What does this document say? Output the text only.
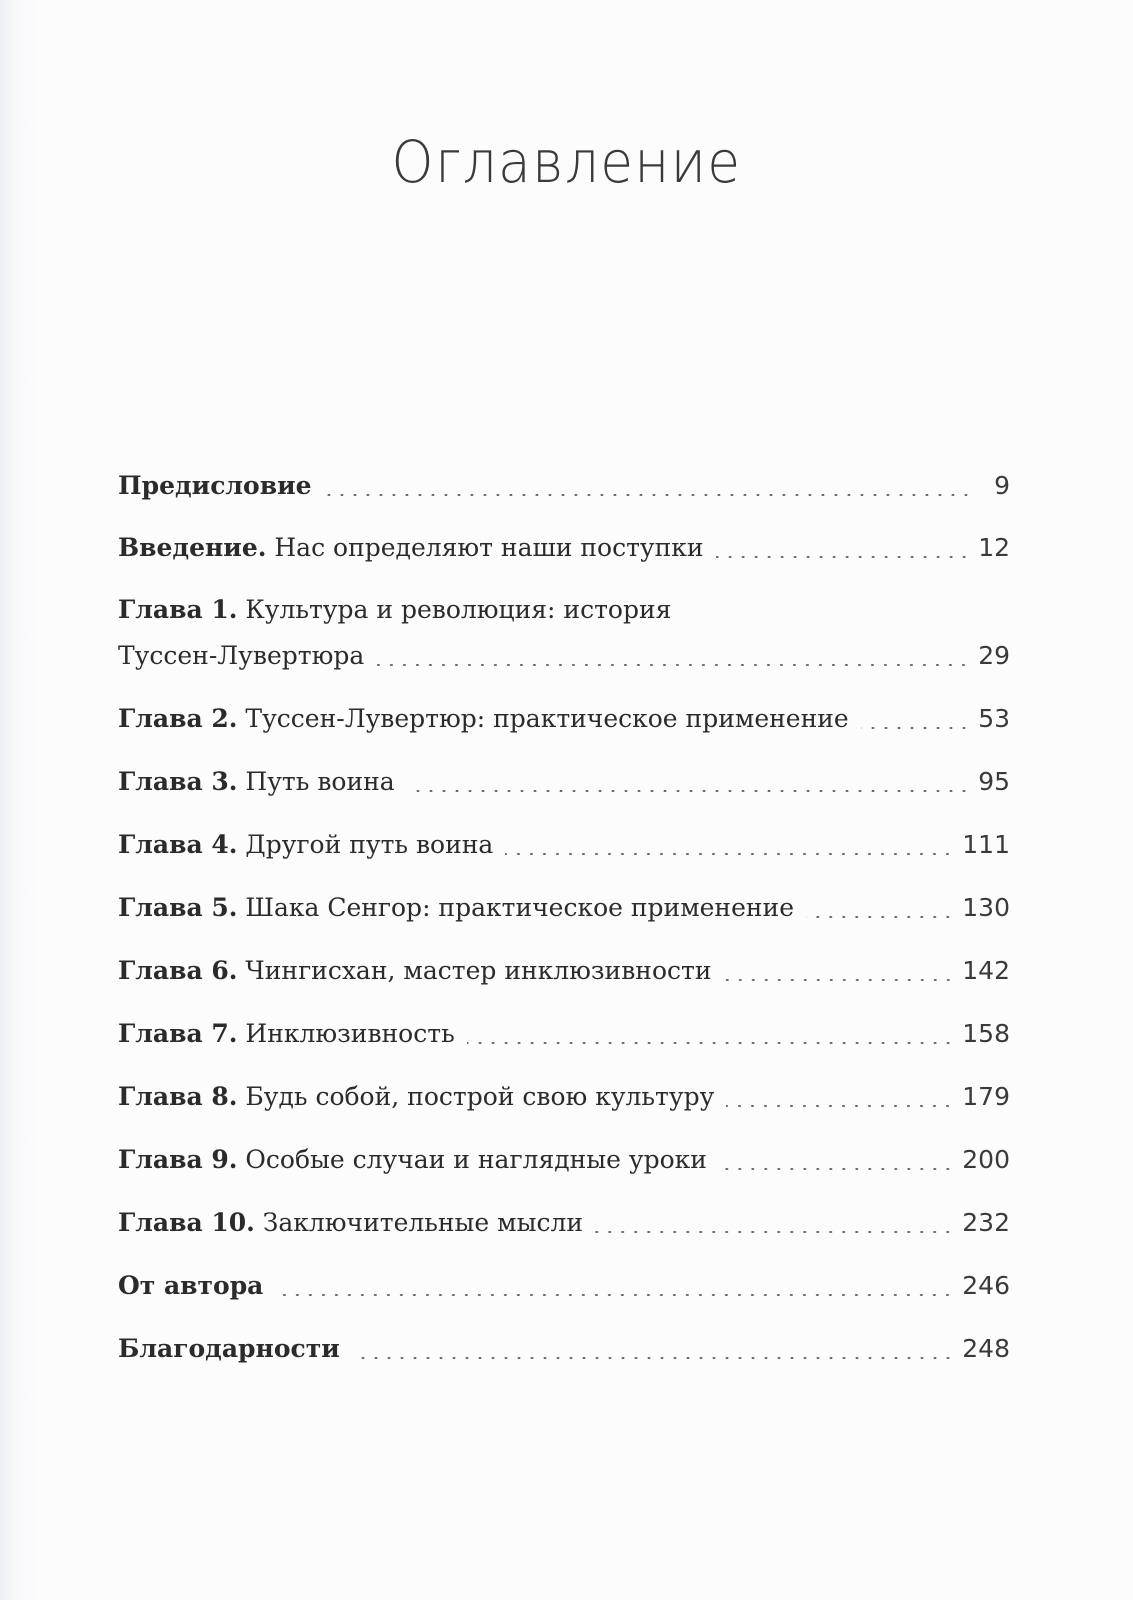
Оглавление
Предисловие	9
Введение. Нас определяют наши поступки	12
Глава 1. Культура и революция: история
Туссен-Лувертюра	29
Глава 2. Туссен-Лувертюр: практическое применение	53
Глава 3. Путь воина	95
Глава 4. Другой путь воина	111
Глава 5. Шака Сенгор: практическое применение	130
Глава 6. Чингисхан, мастер инклюзивности	142
Глава 7. Инклюзивность	158
Глава 8. Будь собой, построй свою культуру	179
Глава 9. Особые случаи и наглядные уроки	200
Глава 10. Заключительные мысли	232
От автора	246
Благодарности	248
